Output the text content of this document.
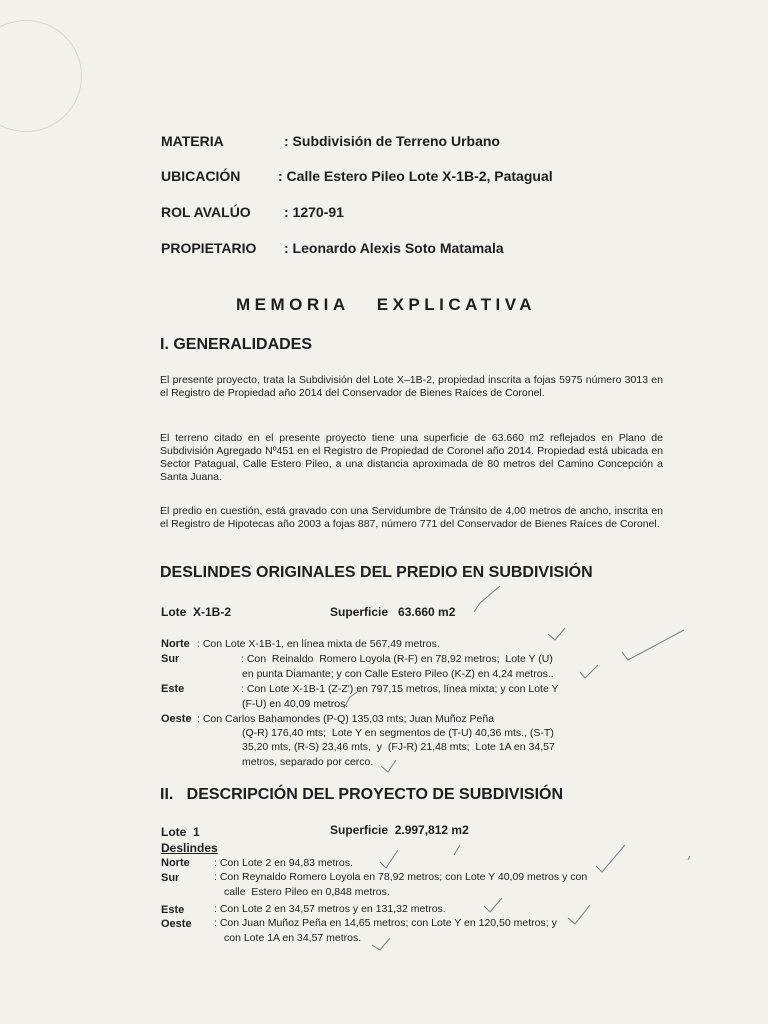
MATERIA	: Subdivisión de Terreno Urbano
UBICACIÓN	: Calle Estero Pileo Lote X-1B-2, Patagual
ROL AVALÚO : 1270-91
PROPIETARIO : Leonardo Alexis Soto Matamala
MEMORIA   EXPLICATIVA
I. GENERALIDADES
El presente proyecto, trata la Subdivisión del Lote X–1B-2, propiedad inscrita a fojas 5975 número 3013 en el Registro de Propiedad año 2014 del Conservador de Bienes Raíces de Coronel.
El terreno citado en el presente proyecto tiene una superficie de 63.660 m2 reflejados en Plano de Subdivisión Agregado Nº451 en el Registro de Propiedad de Coronel año 2014. Propiedad está ubicada en Sector Patagual, Calle Estero Pileo, a una distancia aproximada de 80 metros del Camino Concepción a Santa Juana.
El predio en cuestión, está gravado con una Servidumbre de Tránsito de 4,00 metros de ancho, inscrita en el Registro de Hipotecas año 2003 a fojas 887, número 771 del Conservador de Bienes Raíces de Coronel.
DESLINDES ORIGINALES DEL PREDIO EN SUBDIVISIÓN
Lote  X-1B-2	Superficie   63.660 m2
Norte : Con Lote X-1B-1, en línea mixta de 567,49 metros.
Sur	: Con  Reinaldo  Romero Loyola (R-F) en 78,92 metros;  Lote Y (U)
en punta Diamante; y con Calle Estero Pileo (K-Z) en 4,24 metros..
Este	: Con Lote X-1B-1 (Z-Z') en 797,15 metros, línea mixta; y con Lote Y
(F-U) en 40,09 metros.
Oeste : Con Carlos Bahamondes (P-Q) 135,03 mts; Juan Muñoz Peña
(Q-R) 176,40 mts;  Lote Y en segmentos de (T-U) 40,36 mts., (S-T)
35,20 mts, (R-S) 23,46 mts,  y  (FJ-R) 21,48 mts;  Lote 1A en 34,57
metros, separado por cerco.
II.   DESCRIPCIÓN DEL PROYECTO DE SUBDIVISIÓN
Lote  1	Superficie  2.997,812 m2
Deslindes
Norte : Con Lote 2 en 94,83 metros.
Sur	: Con Reynaldo Romero Loyola en 78,92 metros; con Lote Y 40,09 metros y con
calle  Estero Pileo en 0,848 metros.
Este	: Con Lote 2 en 34,57 metros y en 131,32 metros.
Oeste : Con Juan Muñoz Peña en 14,65 metros; con Lote Y en 120,50 metros; y
con Lote 1A en 34,57 metros.
